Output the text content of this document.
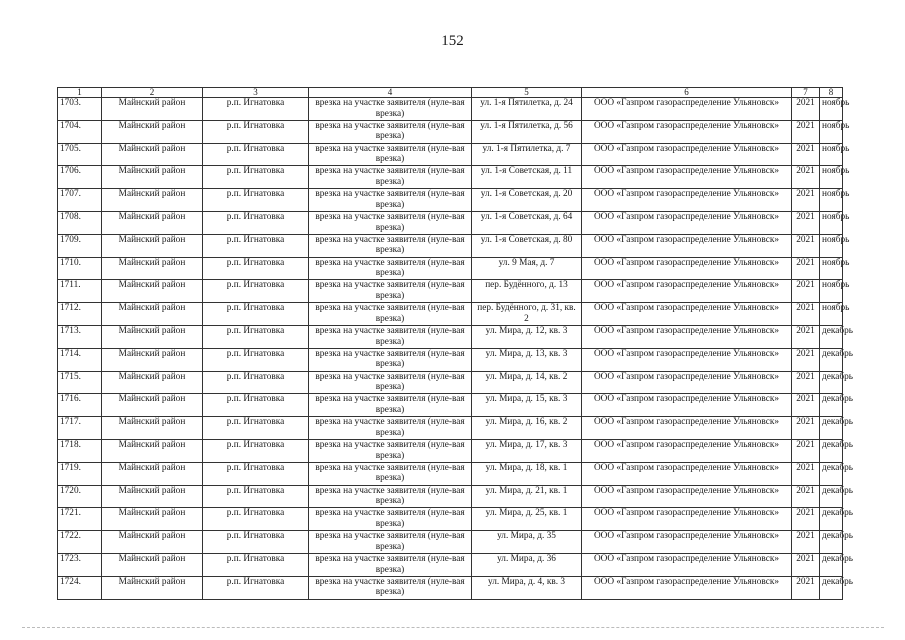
152
1	2	3	4	5	6	7	8
1703.	Майнский район	р.п. Игнатовка	врезка на участке заявителя (нуле-вая врезка)	ул. 1-я Пятилетка, д. 24	ООО «Газпром газораспределение Ульяновск»	2021	ноябрь
1704.	Майнский район	р.п. Игнатовка	врезка на участке заявителя (нуле-вая врезка)	ул. 1-я Пятилетка, д. 56	ООО «Газпром газораспределение Ульяновск»	2021	ноябрь
1705.	Майнский район	р.п. Игнатовка	врезка на участке заявителя (нуле-вая врезка)	ул. 1-я Пятилетка, д. 7	ООО «Газпром газораспределение Ульяновск»	2021	ноябрь
1706.	Майнский район	р.п. Игнатовка	врезка на участке заявителя (нуле-вая врезка)	ул. 1-я Советская, д. 11	ООО «Газпром газораспределение Ульяновск»	2021	ноябрь
1707.	Майнский район	р.п. Игнатовка	врезка на участке заявителя (нуле-вая врезка)	ул. 1-я Советская, д. 20	ООО «Газпром газораспределение Ульяновск»	2021	ноябрь
1708.	Майнский район	р.п. Игнатовка	врезка на участке заявителя (нуле-вая врезка)	ул. 1-я Советская, д. 64	ООО «Газпром газораспределение Ульяновск»	2021	ноябрь
1709.	Майнский район	р.п. Игнатовка	врезка на участке заявителя (нуле-вая врезка)	ул. 1-я Советская, д. 80	ООО «Газпром газораспределение Ульяновск»	2021	ноябрь
1710.	Майнский район	р.п. Игнатовка	врезка на участке заявителя (нуле-вая врезка)	ул. 9 Мая, д. 7	ООО «Газпром газораспределение Ульяновск»	2021	ноябрь
1711.	Майнский район	р.п. Игнатовка	врезка на участке заявителя (нуле-вая врезка)	пер. Будённого, д. 13	ООО «Газпром газораспределение Ульяновск»	2021	ноябрь
1712.	Майнский район	р.п. Игнатовка	врезка на участке заявителя (нуле-вая врезка)	пер. Будённого, д. 31, кв. 2	ООО «Газпром газораспределение Ульяновск»	2021	ноябрь
1713.	Майнский район	р.п. Игнатовка	врезка на участке заявителя (нуле-вая врезка)	ул. Мира, д. 12, кв. 3	ООО «Газпром газораспределение Ульяновск»	2021	декабрь
1714.	Майнский район	р.п. Игнатовка	врезка на участке заявителя (нуле-вая врезка)	ул. Мира, д. 13, кв. 3	ООО «Газпром газораспределение Ульяновск»	2021	декабрь
1715.	Майнский район	р.п. Игнатовка	врезка на участке заявителя (нуле-вая врезка)	ул. Мира, д. 14, кв. 2	ООО «Газпром газораспределение Ульяновск»	2021	декабрь
1716.	Майнский район	р.п. Игнатовка	врезка на участке заявителя (нуле-вая врезка)	ул. Мира, д. 15, кв. 3	ООО «Газпром газораспределение Ульяновск»	2021	декабрь
1717.	Майнский район	р.п. Игнатовка	врезка на участке заявителя (нуле-вая врезка)	ул. Мира, д. 16, кв. 2	ООО «Газпром газораспределение Ульяновск»	2021	декабрь
1718.	Майнский район	р.п. Игнатовка	врезка на участке заявителя (нуле-вая врезка)	ул. Мира, д. 17, кв. 3	ООО «Газпром газораспределение Ульяновск»	2021	декабрь
1719.	Майнский район	р.п. Игнатовка	врезка на участке заявителя (нуле-вая врезка)	ул. Мира, д. 18, кв. 1	ООО «Газпром газораспределение Ульяновск»	2021	декабрь
1720.	Майнский район	р.п. Игнатовка	врезка на участке заявителя (нуле-вая врезка)	ул. Мира, д. 21, кв. 1	ООО «Газпром газораспределение Ульяновск»	2021	декабрь
1721.	Майнский район	р.п. Игнатовка	врезка на участке заявителя (нуле-вая врезка)	ул. Мира, д. 25, кв. 1	ООО «Газпром газораспределение Ульяновск»	2021	декабрь
1722.	Майнский район	р.п. Игнатовка	врезка на участке заявителя (нуле-вая врезка)	ул. Мира, д. 35	ООО «Газпром газораспределение Ульяновск»	2021	декабрь
1723.	Майнский район	р.п. Игнатовка	врезка на участке заявителя (нуле-вая врезка)	ул. Мира, д. 36	ООО «Газпром газораспределение Ульяновск»	2021	декабрь
1724.	Майнский район	р.п. Игнатовка	врезка на участке заявителя (нуле-вая врезка)	ул. Мира, д. 4, кв. 3	ООО «Газпром газораспределение Ульяновск»	2021	декабрь
